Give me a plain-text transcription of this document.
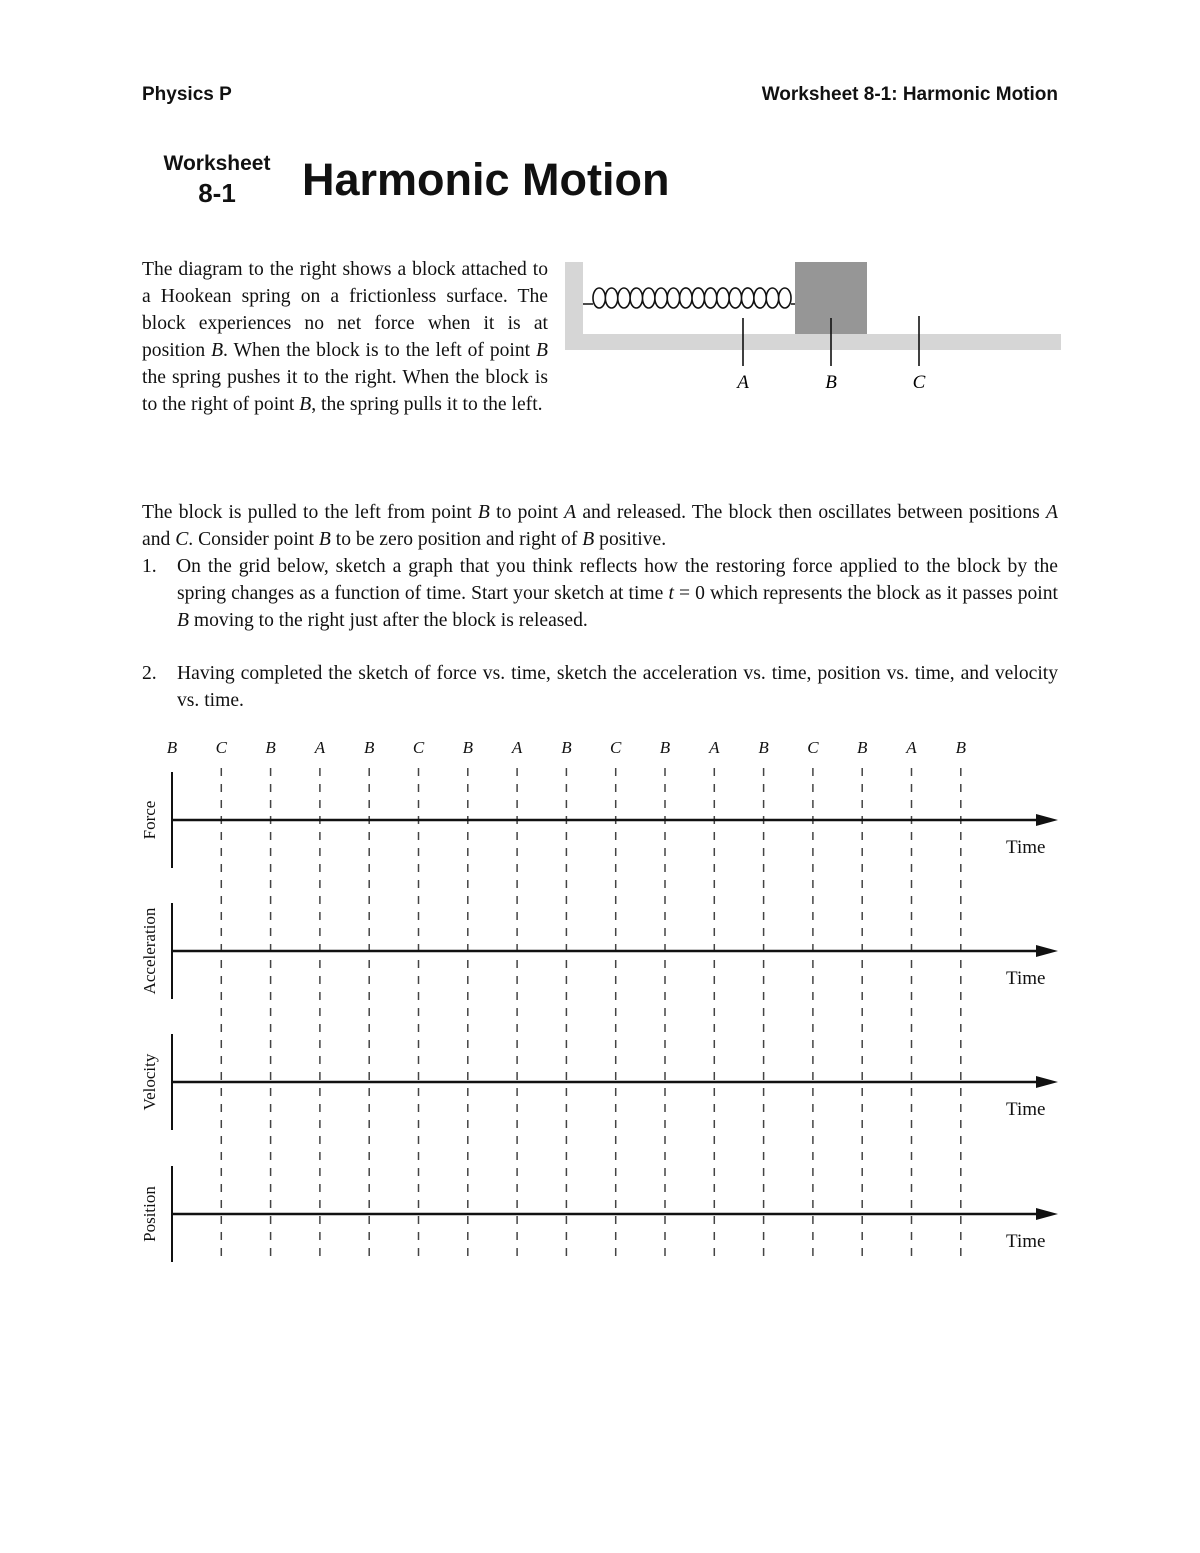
Physics P	Worksheet 8-1: Harmonic Motion
Worksheet
8-1	Harmonic Motion

The diagram to the right shows a block attached to a Hookean spring on a frictionless surface. The block experiences no net force when it is at position B. When the block is to the left of point B the spring pushes it to the right. When the block is to the right of point B, the spring pulls it to the left.

A	B	C

The block is pulled to the left from point B to point A and released. The block then oscillates between positions A and C. Consider point B to be zero position and right of B positive.

1. On the grid below, sketch a graph that you think reflects how the restoring force applied to the block by the spring changes as a function of time. Start your sketch at time t = 0 which represents the block as it passes point B moving to the right just after the block is released.
2. Having completed the sketch of force vs. time, sketch the acceleration vs. time, position vs. time, and velocity vs. time.
B C B A B C B A B C B A B C B A B
Force
Time
Acceleration	Time
Velocity	Time
Position	Time
